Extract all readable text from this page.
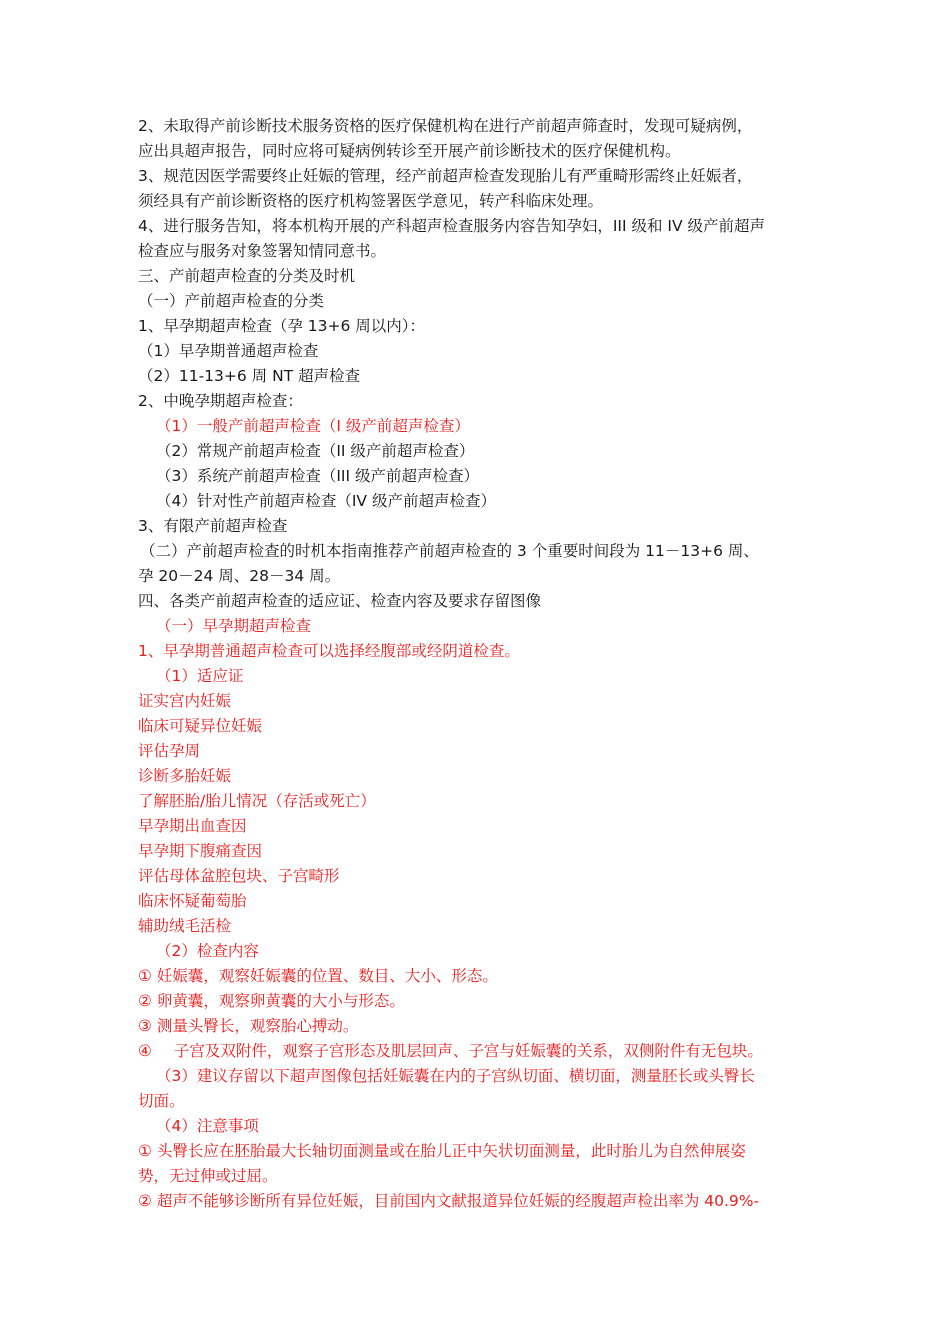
2、未取得产前诊断技术服务资格的医疗保健机构在进行产前超声筛查时，发现可疑病例，
应出具超声报告，同时应将可疑病例转诊至开展产前诊断技术的医疗保健机构。
3、规范因医学需要终止妊娠的管理，经产前超声检查发现胎儿有严重畸形需终止妊娠者，
须经具有产前诊断资格的医疗机构签署医学意见，转产科临床处理。
4、进行服务告知，将本机构开展的产科超声检查服务内容告知孕妇，III 级和 IV 级产前超声
检查应与服务对象签署知情同意书。
三、产前超声检查的分类及时机
（一）产前超声检查的分类
1、早孕期超声检查（孕 13+6 周以内）：
（1）早孕期普通超声检查
（2）11-13+6 周 NT 超声检查
2、中晚孕期超声检查：
（1）一般产前超声检查（I 级产前超声检查）
（2）常规产前超声检查（II 级产前超声检查）
（3）系统产前超声检查（III 级产前超声检查）
（4）针对性产前超声检查（IV 级产前超声检查）
3、有限产前超声检查
（二）产前超声检查的时机本指南推荐产前超声检查的 3 个重要时间段为 11－13+6 周、
孕 20－24 周、28－34 周。
四、各类产前超声检查的适应证、检查内容及要求存留图像
（一）早孕期超声检查
1、早孕期普通超声检查可以选择经腹部或经阴道检查。
（1）适应证
证实宫内妊娠
临床可疑异位妊娠
评估孕周
诊断多胎妊娠
了解胚胎/胎儿情况（存活或死亡）
早孕期出血查因
早孕期下腹痛查因
评估母体盆腔包块、子宫畸形
临床怀疑葡萄胎
辅助绒毛活检
（2）检查内容
① 妊娠囊，观察妊娠囊的位置、数目、大小、形态。
② 卵黄囊，观察卵黄囊的大小与形态。
③ 测量头臀长，观察胎心搏动。
④ 子宫及双附件，观察子宫形态及肌层回声、子宫与妊娠囊的关系，双侧附件有无包块。
（3）建议存留以下超声图像包括妊娠囊在内的子宫纵切面、横切面，测量胚长或头臀长
切面。
（4）注意事项
① 头臀长应在胚胎最大长轴切面测量或在胎儿正中矢状切面测量，此时胎儿为自然伸展姿
势，无过伸或过屈。
② 超声不能够诊断所有异位妊娠，目前国内文献报道异位妊娠的经腹超声检出率为 40.9%-
